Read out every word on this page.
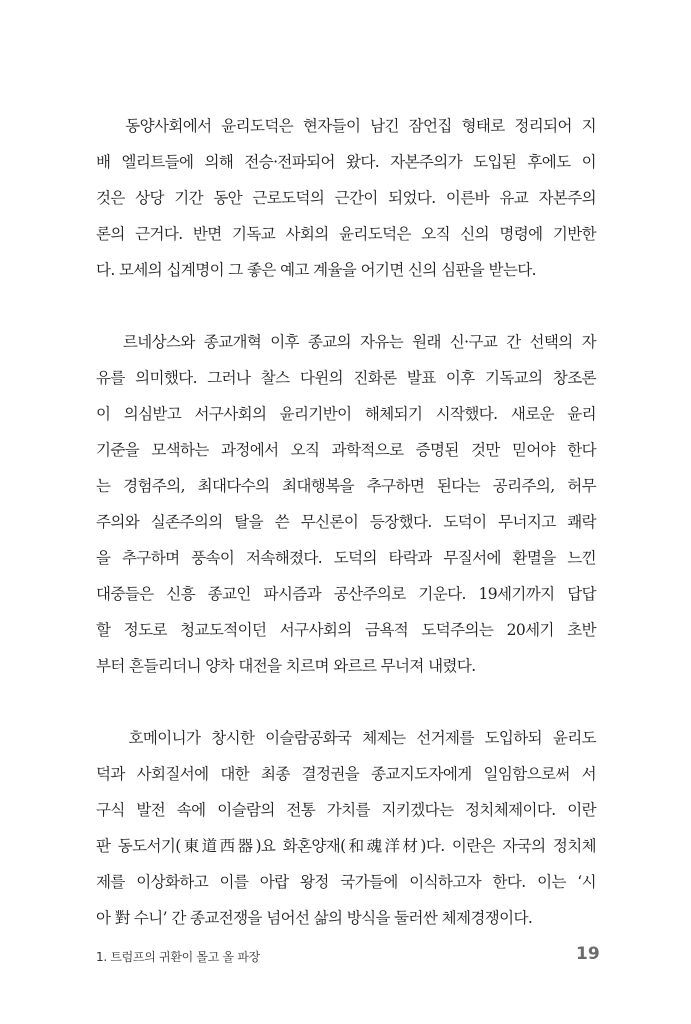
동양사회에서 윤리도덕은 현자들이 남긴 잠언집 형태로 정리되어 지
배 엘리트들에 의해 전승·전파되어 왔다. 자본주의가 도입된 후에도 이
것은 상당 기간 동안 근로도덕의 근간이 되었다. 이른바 유교 자본주의
론의 근거다. 반면 기독교 사회의 윤리도덕은 오직 신의 명령에 기반한
다. 모세의 십계명이 그 좋은 예고 계율을 어기면 신의 심판을 받는다.

르네상스와 종교개혁 이후 종교의 자유는 원래 신·구교 간 선택의 자
유를 의미했다. 그러나 찰스 다윈의 진화론 발표 이후 기독교의 창조론
이 의심받고 서구사회의 윤리기반이 해체되기 시작했다. 새로운 윤리
기준을 모색하는 과정에서 오직 과학적으로 증명된 것만 믿어야 한다
는 경험주의, 최대다수의 최대행복을 추구하면 된다는 공리주의, 허무
주의와 실존주의의 탈을 쓴 무신론이 등장했다. 도덕이 무너지고 쾌락
을 추구하며 풍속이 저속해졌다. 도덕의 타락과 무질서에 환멸을 느낀
대중들은 신흥 종교인 파시즘과 공산주의로 기운다. 19세기까지 답답
할 정도로 청교도적이던 서구사회의 금욕적 도덕주의는 20세기 초반
부터 흔들리더니 양차 대전을 치르며 와르르 무너져 내렸다.

호메이니가 창시한 이슬람공화국 체제는 선거제를 도입하되 윤리도
덕과 사회질서에 대한 최종 결정권을 종교지도자에게 일임함으로써 서
구식 발전 속에 이슬람의 전통 가치를 지키겠다는 정치체제이다. 이란
판 동도서기(東道西器)요 화혼양재(和魂洋材)다. 이란은 자국의 정치체
제를 이상화하고 이를 아랍 왕정 국가들에 이식하고자 한다. 이는 ‘시
아 對 수니’ 간 종교전쟁을 넘어선 삶의 방식을 둘러싼 체제경쟁이다.

1. 트럼프의 귀환이 몰고 올 파장	19
